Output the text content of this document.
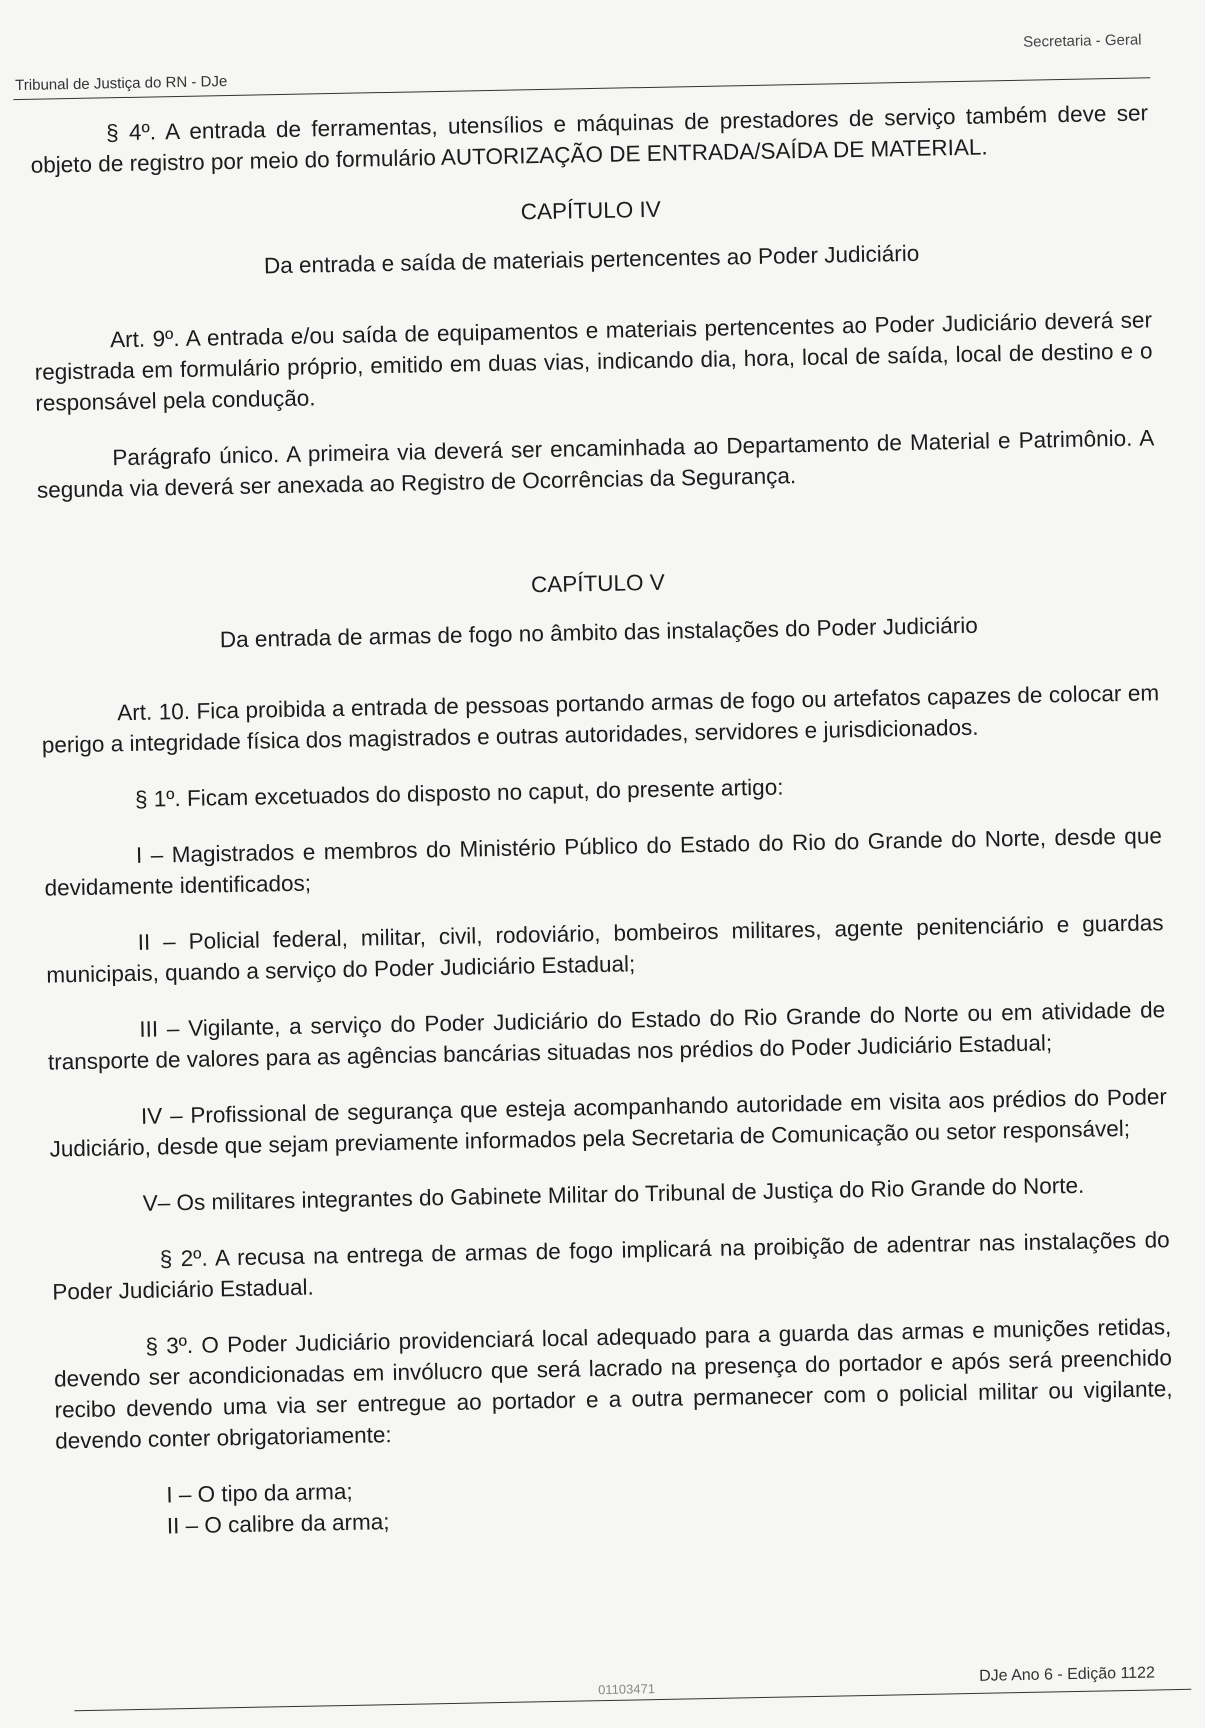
Tribunal de Justiça do RN - DJe
Secretaria - Geral

§ 4º. A entrada de ferramentas, utensílios e máquinas de prestadores de serviço também deve ser objeto de registro por meio do formulário AUTORIZAÇÃO DE ENTRADA/SAÍDA DE MATERIAL.

CAPÍTULO IV

Da entrada e saída de materiais pertencentes ao Poder Judiciário

Art. 9º. A entrada e/ou saída de equipamentos e materiais pertencentes ao Poder Judiciário deverá ser registrada em formulário próprio, emitido em duas vias, indicando dia, hora, local de saída, local de destino e o responsável pela condução.

Parágrafo único. A primeira via deverá ser encaminhada ao Departamento de Material e Patrimônio. A segunda via deverá ser anexada ao Registro de Ocorrências da Segurança.

CAPÍTULO V

Da entrada de armas de fogo no âmbito das instalações do Poder Judiciário

Art. 10. Fica proibida a entrada de pessoas portando armas de fogo ou artefatos capazes de colocar em perigo a integridade física dos magistrados e outras autoridades, servidores e jurisdicionados.

§ 1º. Ficam excetuados do disposto no caput, do presente artigo:

I – Magistrados e membros do Ministério Público do Estado do Rio do Grande do Norte, desde que devidamente identificados;

II – Policial federal, militar, civil, rodoviário, bombeiros militares, agente penitenciário e guardas municipais, quando a serviço do Poder Judiciário Estadual;

III – Vigilante, a serviço do Poder Judiciário do Estado do Rio Grande do Norte ou em atividade de transporte de valores para as agências bancárias situadas nos prédios do Poder Judiciário Estadual;

IV – Profissional de segurança que esteja acompanhando autoridade em visita aos prédios do Poder Judiciário, desde que sejam previamente informados pela Secretaria de Comunicação ou setor responsável;

V– Os militares integrantes do Gabinete Militar do Tribunal de Justiça do Rio Grande do Norte.

§ 2º. A recusa na entrega de armas de fogo implicará na proibição de adentrar nas instalações do Poder Judiciário Estadual.

§ 3º. O Poder Judiciário providenciará local adequado para a guarda das armas e munições retidas, devendo ser acondicionadas em invólucro que será lacrado na presença do portador e após será preenchido recibo devendo uma via ser entregue ao portador e a outra permanecer com o policial militar ou vigilante, devendo conter obrigatoriamente:

I – O tipo da arma;

II – O calibre da arma;

01103471
DJe Ano 6 - Edição 1122
